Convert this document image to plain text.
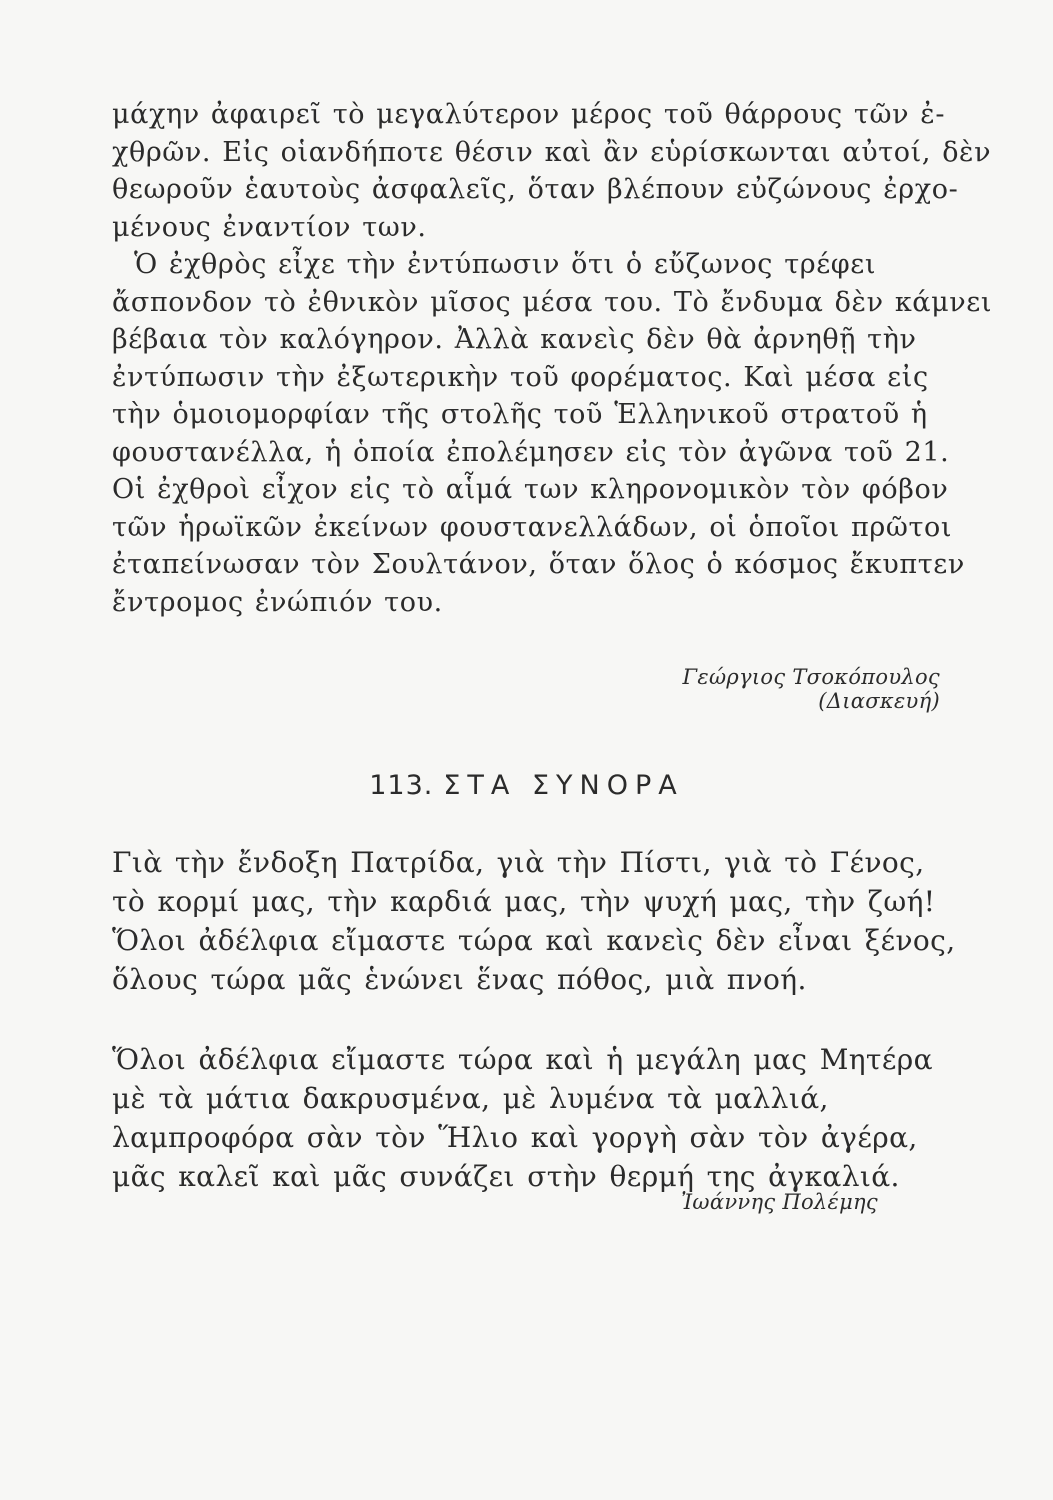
μάχην ἀφαιρεῖ τὸ μεγαλύτερον μέρος τοῦ θάρρους τῶν ἐ-
χθρῶν. Εἰς οἱανδήποτε θέσιν καὶ ἂν εὑρίσκωνται αὐτοί, δὲν
θεωροῦν ἑαυτοὺς ἀσφαλεῖς, ὅταν βλέπουν εὐζώνους ἐρχο-
μένους ἐναντίον των.
Ὁ ἐχθρὸς εἶχε τὴν ἐντύπωσιν ὅτι ὁ εὔζωνος τρέφει
ἄσπονδον τὸ ἐθνικὸν μῖσος μέσα του. Τὸ ἔνδυμα δὲν κάμνει
βέβαια τὸν καλόγηρον. Ἀλλὰ κανεὶς δὲν θὰ ἀρνηθῇ τὴν
ἐντύπωσιν τὴν ἐξωτερικὴν τοῦ φορέματος. Καὶ μέσα εἰς
τὴν ὁμοιομορφίαν τῆς στολῆς τοῦ Ἑλληνικοῦ στρατοῦ ἡ
φουστανέλλα, ἡ ὁποία ἐπολέμησεν εἰς τὸν ἀγῶνα τοῦ 21.
Οἱ ἐχθροὶ εἶχον εἰς τὸ αἷμά των κληρονομικὸν τὸν φόβον
τῶν ἡρωϊκῶν ἐκείνων φουστανελλάδων, οἱ ὁποῖοι πρῶτοι
ἐταπείνωσαν τὸν Σουλτάνον, ὅταν ὅλος ὁ κόσμος ἔκυπτεν
ἔντρομος ἐνώπιόν του.
Γεώργιος Τσοκόπουλος (Διασκευή)
113. ΣΤΑ ΣΥΝΟΡΑ
Γιὰ τὴν ἔνδοξη Πατρίδα, γιὰ τὴν Πίστι, γιὰ τὸ Γένος,
τὸ κορμί μας, τὴν καρδιά μας, τὴν ψυχή μας, τὴν ζωή!
Ὅλοι ἀδέλφια εἴμαστε τώρα καὶ κανεὶς δὲν εἶναι ξένος,
ὅλους τώρα μᾶς ἑνώνει ἕνας πόθος, μιὰ πνοή.
Ὅλοι ἀδέλφια εἴμαστε τώρα καὶ ἡ μεγάλη μας Μητέρα
μὲ τὰ μάτια δακρυσμένα, μὲ λυμένα τὰ μαλλιά,
λαμπροφόρα σὰν τὸν Ἥλιο καὶ γοργὴ σὰν τὸν ἀγέρα,
μᾶς καλεῖ καὶ μᾶς συνάζει στὴν θερμή της ἀγκαλιά.
Ἰωάννης Πολέμης
